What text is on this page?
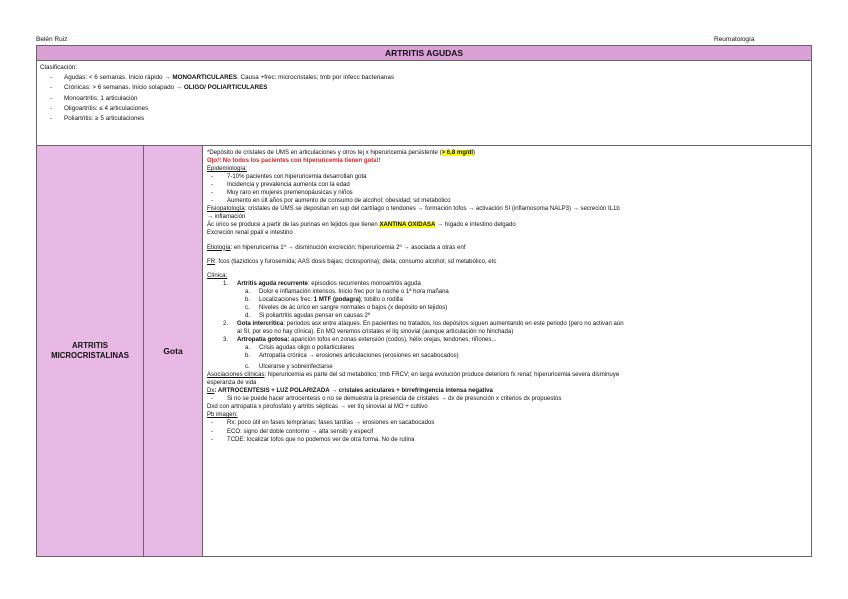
Belén Ruiz	Reumatología
ARTRITIS AGUDAS
Clasificación:
- Agudas: < 6 semanas. Inicio rápido → MONOARTICULARES. Causa +frec: microcristales; tmb por infecc bacterianas
- Crónicas: > 6 semanas. Inicio solapado → OLIGO/ POLIARTICULARES
- Monoartritis: 1 articulación
- Oligoartritis: ≤ 4 articulaciones
- Poliartritis: ≥ 5 articulaciones
ARTRITIS MICROCRISTALINAS	Gota

*Depósito de cristales de UMS en articulaciones y otros tej x hiperuricemia persistente (> 6,8 mg/dl)

Ojo!! No todos los pacientes con hiperuricemia tienen gota!!

Epidemiología:

- 7-10% pacientes con hiperuricemia desarrollan gota

- Incidencia y prevalencia aumenta con la edad

- Muy raro en mujeres premenopáusicas y niños

- Aumento en últ años por aumento de consumo de alcohol; obesidad; sd metabólico

Fisiopatología: cristales de UMS se depositan en sup del cartílago o tendones → formación tofos → activación SI (inflamosoma NALP3) → secreción IL1b

→ inflamación

Ác úrico se produce a partir de las purinas en tejidos que tienen XANTINA OXIDASA → hígado e intestino delgado

Excreción renal ppal/ e intestino

Etiología: en hiperuricemia 1º → disminución excreción; hiperuricemia 2º → asociada a otras enf

FR: fcos (tiazídicos y furosemida; AAS dosis bajas; ciclosporina); dieta; consumo alcohol; sd metabólico, etc

Clínica:

1. Artritis aguda recurrente: episodios recurrentes monoartritis aguda

a. Dolor e inflamación intensos. Inicio frec por la noche o 1ª hora mañana

b. Localizaciones frec: 1 MTF (podagra); tobillo o rodilla

c. Niveles de ác úrico en sangre normales o bajos (x depósito en tejidos)

d. Si poliartritis agudas pensar en causas 2º

2. Gota intercrítica: periodos asx entre ataques. En pacientes no tratados, los depósitos siguen aumentando en este periodo (pero no activan aún

al SI, por eso no hay clínica). En MO veremos cristales el líq sinovial (aunque articulación no hinchada)

3. Artropatía gotosa: aparición tofos en zonas extensión (codos), hélix orejas, tendones, riñones...

a. Crisis agudas oligo o poliarticulares

b. Artropatía crónica → erosiones articulaciones (erosiones en sacabocados)

c. Ulcerarse y sobreinfectarse

Asociaciones clínicas: hiperuricemia es parte del sd metabólico; tmb FRCV; en larga evolución produce deterioro fx renal; hiperuricemia severa disminuye

esperanza de vida

Dx: ARTROCENTESIS + LUZ POLARIZADA → cristales aciculares + birrefringencia intensa negativa

- Si no se puede hacer artrocentesis o no se demuestra la presencia de cristales → dx de presunción x criterios dx propuestos

Dxd con artropatía x pirofosfato y artritis sépticas → ver líq sinovial al MO + cultivo

Pb imagen:

- Rx: poco útil en fases tempranas; fases tardías → erosiones en sacabocados

- ECO: signo del doble contorno → alta sensib y especif

- TCDE: localizar tofos que no podemos ver de otra forma. No de rutina
